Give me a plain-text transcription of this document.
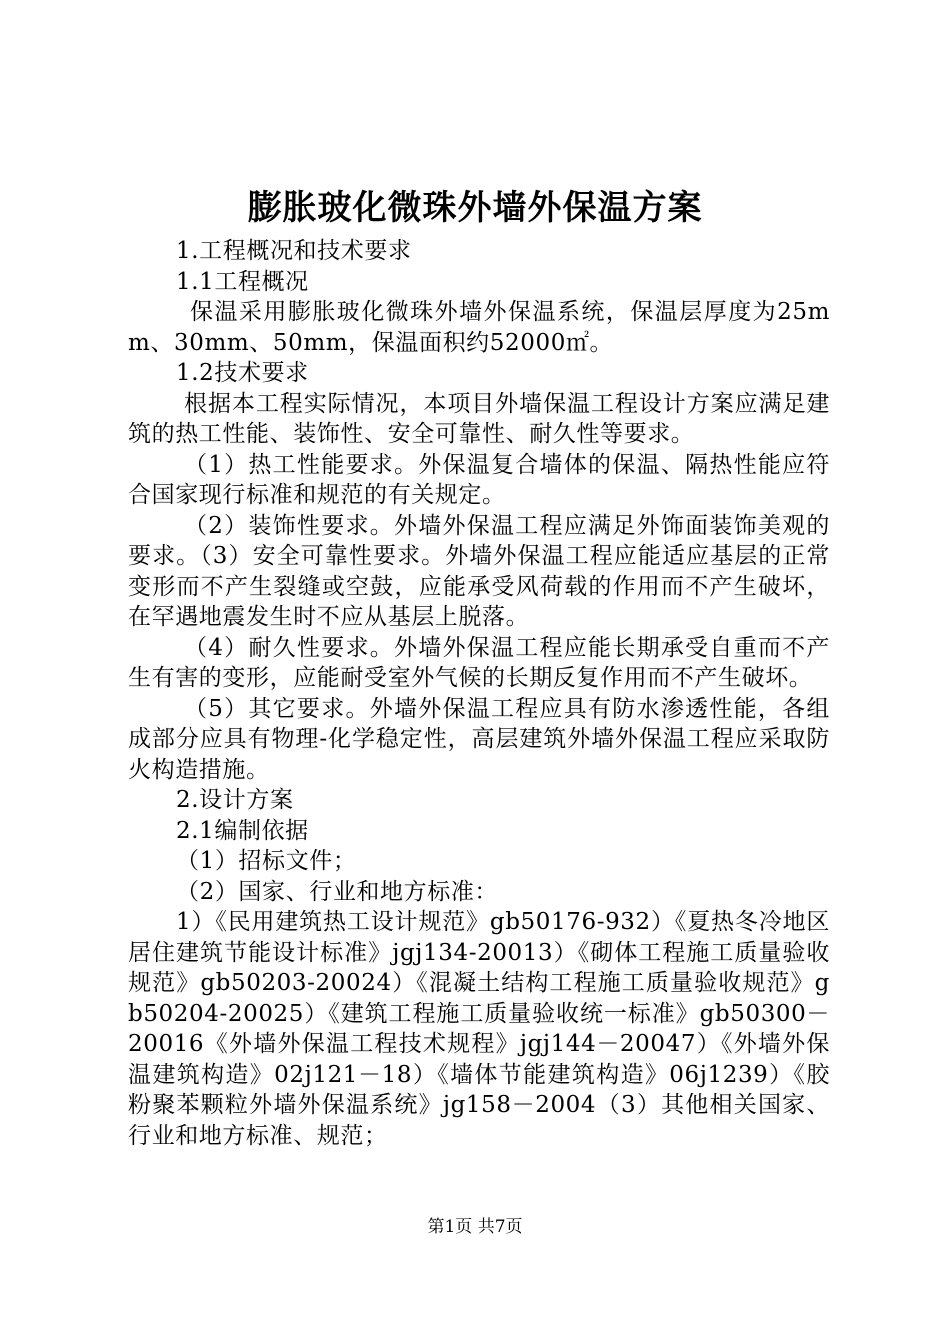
膨胀玻化微珠外墙外保温方案

1.工程概况和技术要求

1.1工程概况

保温采用膨胀玻化微珠外墙外保温系统，保温层厚度为25mm、30mm、50mm，保温面积约52000㎡。

1.2技术要求

根据本工程实际情况，本项目外墙保温工程设计方案应满足建筑的热工性能、装饰性、安全可靠性、耐久性等要求。

（1）热工性能要求。外保温复合墙体的保温、隔热性能应符合国家现行标准和规范的有关规定。

（2）装饰性要求。外墙外保温工程应满足外饰面装饰美观的要求。（3）安全可靠性要求。外墙外保温工程应能适应基层的正常变形而不产生裂缝或空鼓，应能承受风荷载的作用而不产生破坏，在罕遇地震发生时不应从基层上脱落。

（4）耐久性要求。外墙外保温工程应能长期承受自重而不产生有害的变形，应能耐受室外气候的长期反复作用而不产生破坏。

（5）其它要求。外墙外保温工程应具有防水渗透性能，各组成部分应具有物理-化学稳定性，高层建筑外墙外保温工程应采取防火构造措施。

2.设计方案

2.1编制依据

（1）招标文件；

（2）国家、行业和地方标准：

1）《民用建筑热工设计规范》gb50176-932）《夏热冬冷地区居住建筑节能设计标准》jgj134-20013）《砌体工程施工质量验收规范》gb50203-20024）《混凝土结构工程施工质量验收规范》gb50204-20025）《建筑工程施工质量验收统一标准》gb50300－20016《外墙外保温工程技术规程》jgj144－20047）《外墙外保温建筑构造》02j121－18）《墙体节能建筑构造》06j1239）《胶粉聚苯颗粒外墙外保温系统》jg158－2004（3）其他相关国家、行业和地方标准、规范；

第1页 共7页
